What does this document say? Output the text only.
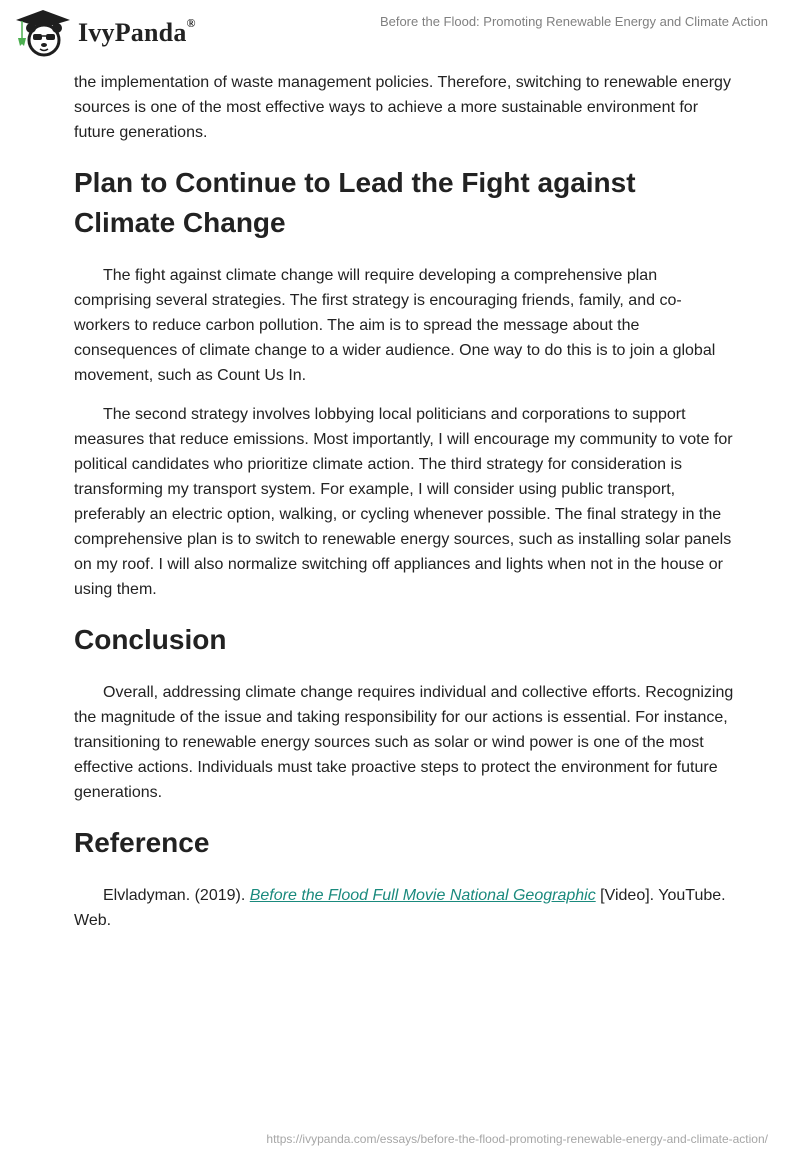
IvyPanda®	Before the Flood: Promoting Renewable Energy and Climate Action

the implementation of waste management policies. Therefore, switching to renewable energy sources is one of the most effective ways to achieve a more sustainable environment for future generations.

Plan to Continue to Lead the Fight against Climate Change

The fight against climate change will require developing a comprehensive plan comprising several strategies. The first strategy is encouraging friends, family, and co-workers to reduce carbon pollution. The aim is to spread the message about the consequences of climate change to a wider audience. One way to do this is to join a global movement, such as Count Us In.

The second strategy involves lobbying local politicians and corporations to support measures that reduce emissions. Most importantly, I will encourage my community to vote for political candidates who prioritize climate action. The third strategy for consideration is transforming my transport system. For example, I will consider using public transport, preferably an electric option, walking, or cycling whenever possible. The final strategy in the comprehensive plan is to switch to renewable energy sources, such as installing solar panels on my roof. I will also normalize switching off appliances and lights when not in the house or using them.

Conclusion

Overall, addressing climate change requires individual and collective efforts. Recognizing the magnitude of the issue and taking responsibility for our actions is essential. For instance, transitioning to renewable energy sources such as solar or wind power is one of the most effective actions. Individuals must take proactive steps to protect the environment for future generations.

Reference

Elvladyman. (2019). Before the Flood Full Movie National Geographic [Video]. YouTube. Web.

https://ivypanda.com/essays/before-the-flood-promoting-renewable-energy-and-climate-action/
